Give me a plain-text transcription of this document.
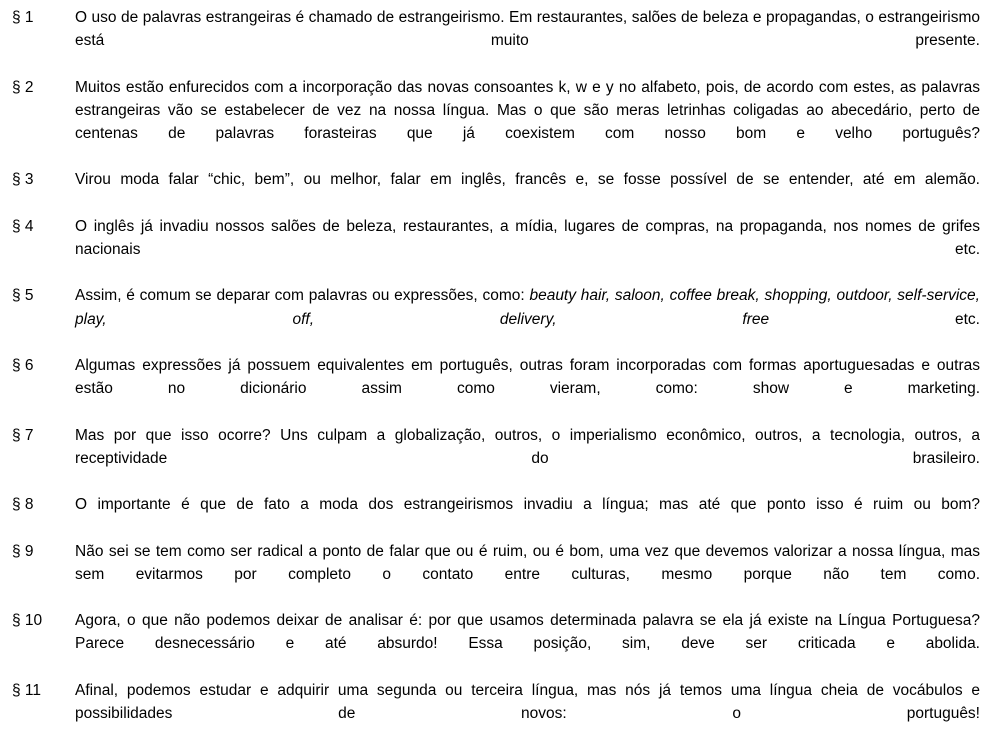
§ 1	O uso de palavras estrangeiras é chamado de estrangeirismo. Em restaurantes, salões de beleza e propagandas, o estrangeirismo está muito presente.
§ 2	Muitos estão enfurecidos com a incorporação das novas consoantes k, w e y no alfabeto, pois, de acordo com estes, as palavras estrangeiras vão se estabelecer de vez na nossa língua. Mas o que são meras letrinhas coligadas ao abecedário, perto de centenas de palavras forasteiras que já coexistem com nosso bom e velho português?
§ 3	Virou moda falar “chic, bem”, ou melhor, falar em inglês, francês e, se fosse possível de se entender, até em alemão.
§ 4	O inglês já invadiu nossos salões de beleza, restaurantes, a mídia, lugares de compras, na propaganda, nos nomes de grifes nacionais etc.
§ 5	Assim, é comum se deparar com palavras ou expressões, como: beauty hair, saloon, coffee break, shopping, outdoor, self-service, play, off, delivery, free etc.
§ 6	Algumas expressões já possuem equivalentes em português, outras foram incorporadas com formas aportuguesadas e outras estão no dicionário assim como vieram, como: show e marketing.
§ 7	Mas por que isso ocorre? Uns culpam a globalização, outros, o imperialismo econômico, outros, a tecnologia, outros, a receptividade do brasileiro.
§ 8	O importante é que de fato a moda dos estrangeirismos invadiu a língua; mas até que ponto isso é ruim ou bom?
§ 9	Não sei se tem como ser radical a ponto de falar que ou é ruim, ou é bom, uma vez que devemos valorizar a nossa língua, mas sem evitarmos por completo o contato entre culturas, mesmo porque não tem como.
§ 10	Agora, o que não podemos deixar de analisar é: por que usamos determinada palavra se ela já existe na Língua Portuguesa? Parece desnecessário e até absurdo! Essa posição, sim, deve ser criticada e abolida.
§ 11	Afinal, podemos estudar e adquirir uma segunda ou terceira língua, mas nós já temos uma língua cheia de vocábulos e possibilidades de novos: o português!
